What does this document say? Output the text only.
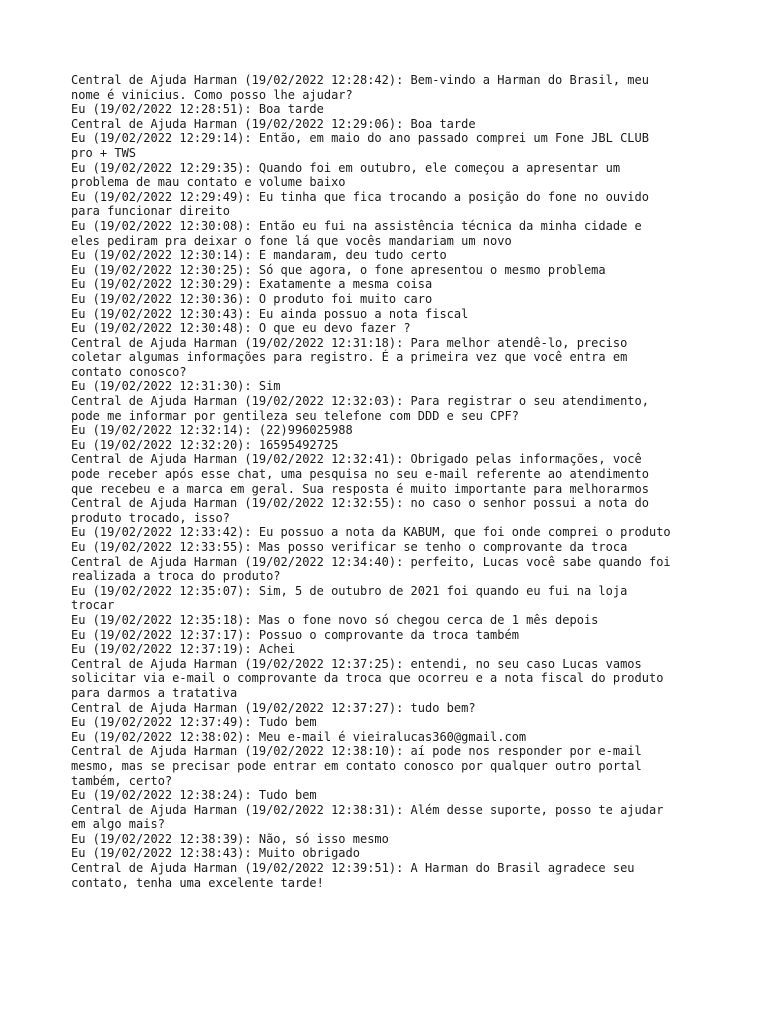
Central de Ajuda Harman (19/02/2022 12:28:42): Bem-vindo a Harman do Brasil, meu

nome é vinicius. Como posso lhe ajudar?

Eu (19/02/2022 12:28:51): Boa tarde

Central de Ajuda Harman (19/02/2022 12:29:06): Boa tarde

Eu (19/02/2022 12:29:14): Então, em maio do ano passado comprei um Fone JBL CLUB

pro + TWS

Eu (19/02/2022 12:29:35): Quando foi em outubro, ele começou a apresentar um

problema de mau contato e volume baixo

Eu (19/02/2022 12:29:49): Eu tinha que fica trocando a posição do fone no ouvido

para funcionar direito

Eu (19/02/2022 12:30:08): Então eu fui na assistência técnica da minha cidade e

eles pediram pra deixar o fone lá que vocês mandariam um novo

Eu (19/02/2022 12:30:14): E mandaram, deu tudo certo

Eu (19/02/2022 12:30:25): Só que agora, o fone apresentou o mesmo problema

Eu (19/02/2022 12:30:29): Exatamente a mesma coisa

Eu (19/02/2022 12:30:36): O produto foi muito caro

Eu (19/02/2022 12:30:43): Eu ainda possuo a nota fiscal

Eu (19/02/2022 12:30:48): O que eu devo fazer ?

Central de Ajuda Harman (19/02/2022 12:31:18): Para melhor atendê-lo, preciso

coletar algumas informações para registro. É a primeira vez que você entra em

contato conosco?

Eu (19/02/2022 12:31:30): Sim

Central de Ajuda Harman (19/02/2022 12:32:03): Para registrar o seu atendimento,

pode me informar por gentileza seu telefone com DDD e seu CPF?

Eu (19/02/2022 12:32:14): (22)996025988

Eu (19/02/2022 12:32:20): 16595492725

Central de Ajuda Harman (19/02/2022 12:32:41): Obrigado pelas informações, você

pode receber após esse chat, uma pesquisa no seu e-mail referente ao atendimento

que recebeu e a marca em geral. Sua resposta é muito importante para melhorarmos

Central de Ajuda Harman (19/02/2022 12:32:55): no caso o senhor possui a nota do

produto trocado, isso?

Eu (19/02/2022 12:33:42): Eu possuo a nota da KABUM, que foi onde comprei o produto

Eu (19/02/2022 12:33:55): Mas posso verificar se tenho o comprovante da troca

Central de Ajuda Harman (19/02/2022 12:34:40): perfeito, Lucas você sabe quando foi

realizada a troca do produto?

Eu (19/02/2022 12:35:07): Sim, 5 de outubro de 2021 foi quando eu fui na loja

trocar

Eu (19/02/2022 12:35:18): Mas o fone novo só chegou cerca de 1 mês depois

Eu (19/02/2022 12:37:17): Possuo o comprovante da troca também

Eu (19/02/2022 12:37:19): Achei

Central de Ajuda Harman (19/02/2022 12:37:25): entendi, no seu caso Lucas vamos

solicitar via e-mail o comprovante da troca que ocorreu e a nota fiscal do produto

para darmos a tratativa

Central de Ajuda Harman (19/02/2022 12:37:27): tudo bem?

Eu (19/02/2022 12:37:49): Tudo bem

Eu (19/02/2022 12:38:02): Meu e-mail é vieiralucas360@gmail.com

Central de Ajuda Harman (19/02/2022 12:38:10): aí pode nos responder por e-mail

mesmo, mas se precisar pode entrar em contato conosco por qualquer outro portal

também, certo?

Eu (19/02/2022 12:38:24): Tudo bem

Central de Ajuda Harman (19/02/2022 12:38:31): Além desse suporte, posso te ajudar

em algo mais?

Eu (19/02/2022 12:38:39): Não, só isso mesmo

Eu (19/02/2022 12:38:43): Muito obrigado

Central de Ajuda Harman (19/02/2022 12:39:51): A Harman do Brasil agradece seu

contato, tenha uma excelente tarde!
